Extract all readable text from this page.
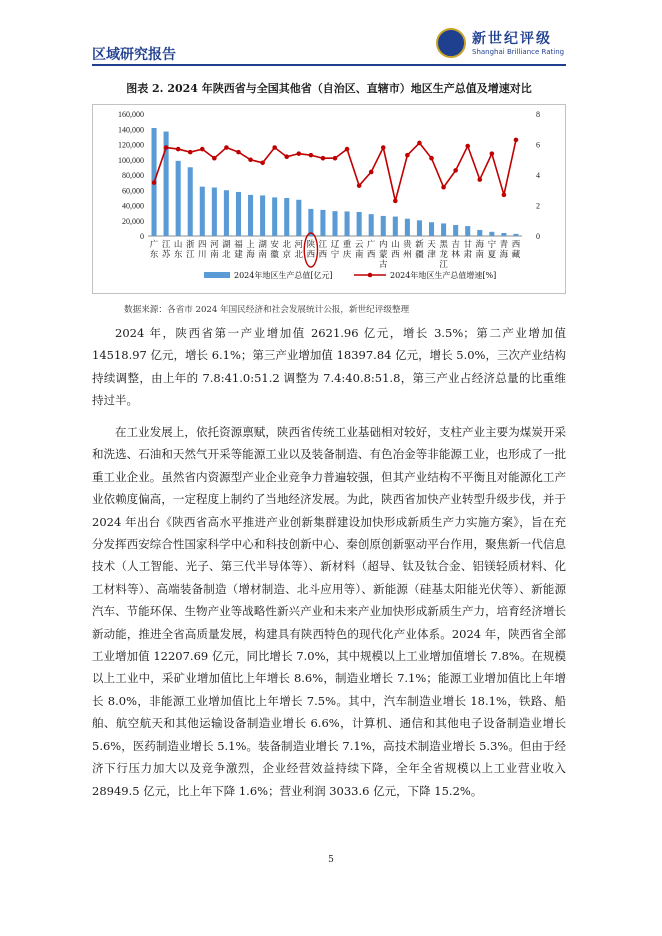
区域研究报告
新世纪评级
Shanghai Brilliance Rating
图表 2. 2024 年陕西省与全国其他省（自治区、直辖市）地区生产总值及增速对比
0
20,000
40,000
60,000
80,000
100,000
120,000
140,000
160,000
0
2
4
6
8
广东
江苏
山东
浙江
四川
河南
湖北
福建
上海
湖南
安徽
北京
河北
陕西
江西
辽宁
重庆
云南
广西
内蒙古
山西
贵州
新疆
天津
黑龙江
吉林
甘肃
海南
宁夏
青海
西藏
2024年地区生产总值[亿元]	2024年地区生产总值增速[%]
数据来源：各省市 2024 年国民经济和社会发展统计公报，新世纪评级整理

2024 年，陕西省第一产业增加值 2621.96 亿元，增长 3.5%；第二产业增加值 14518.97 亿元，增长 6.1%；第三产业增加值 18397.84 亿元，增长 5.0%，三次产业结构持续调整，由上年的 7.8:41.0:51.2 调整为 7.4:40.8:51.8，第三产业占经济总量的比重维持过半。

在工业发展上，依托资源禀赋，陕西省传统工业基础相对较好，支柱产业主要为煤炭开采和洗选、石油和天然气开采等能源工业以及装备制造、有色冶金等非能源工业，也形成了一批重工业企业。虽然省内资源型产业企业竞争力普遍较强，但其产业结构不平衡且对能源化工产业依赖度偏高，一定程度上制约了当地经济发展。为此，陕西省加快产业转型升级步伐，并于 2024 年出台《陕西省高水平推进产业创新集群建设加快形成新质生产力实施方案》，旨在充分发挥西安综合性国家科学中心和科技创新中心、秦创原创新驱动平台作用，聚焦新一代信息技术（人工智能、光子、第三代半导体等）、新材料（超导、钛及钛合金、铝镁轻质材料、化工材料等）、高端装备制造（增材制造、北斗应用等）、新能源（硅基太阳能光伏等）、新能源汽车、节能环保、生物产业等战略性新兴产业和未来产业加快形成新质生产力，培育经济增长新动能，推进全省高质量发展，构建具有陕西特色的现代化产业体系。2024 年，陕西省全部工业增加值 12207.69 亿元，同比增长 7.0%，其中规模以上工业增加值增长 7.8%。在规模以上工业中，采矿业增加值比上年增长 8.6%，制造业增长 7.1%；能源工业增加值比上年增长 8.0%，非能源工业增加值比上年增长 7.5%。其中，汽车制造业增长 18.1%，铁路、船舶、航空航天和其他运输设备制造业增长 6.6%，计算机、通信和其他电子设备制造业增长 5.6%，医药制造业增长 5.1%。装备制造业增长 7.1%，高技术制造业增长 5.3%。但由于经济下行压力加大以及竞争激烈，企业经营效益持续下降，全年全省规模以上工业营业收入 28949.5 亿元，比上年下降 1.6%；营业利润 3033.6 亿元，下降 15.2%。

5
